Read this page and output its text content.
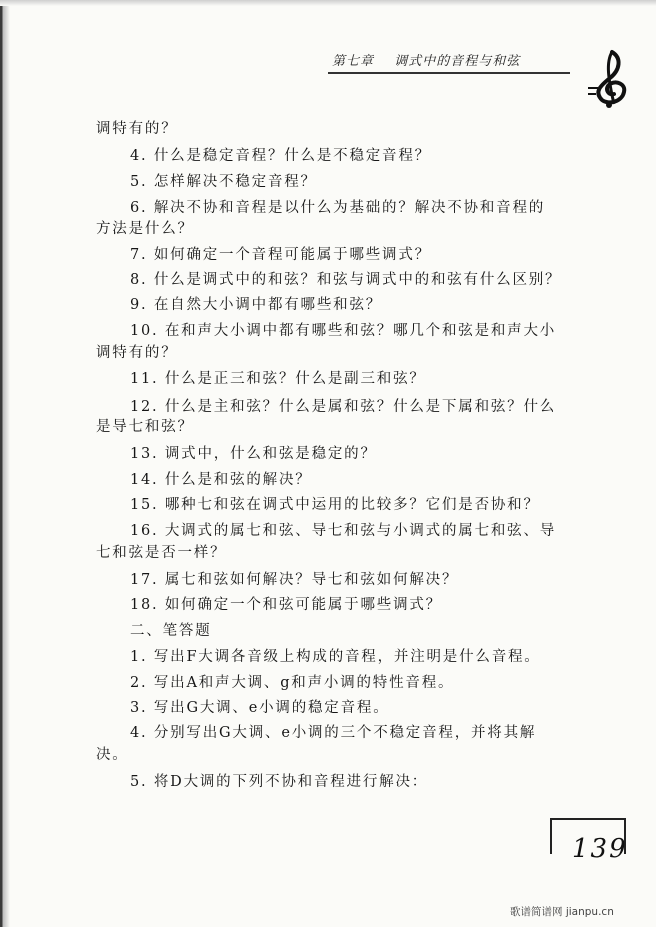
第七章 调式中的音程与和弦
调特有的？
4. 什么是稳定音程？什么是不稳定音程？
5. 怎样解决不稳定音程？
6. 解决不协和音程是以什么为基础的？解决不协和音程的
方法是什么？
7. 如何确定一个音程可能属于哪些调式？
8. 什么是调式中的和弦？和弦与调式中的和弦有什么区别？
9. 在自然大小调中都有哪些和弦？
10. 在和声大小调中都有哪些和弦？哪几个和弦是和声大小
调特有的？
11. 什么是正三和弦？什么是副三和弦？
12. 什么是主和弦？什么是属和弦？什么是下属和弦？什么
是导七和弦？
13. 调式中，什么和弦是稳定的？
14. 什么是和弦的解决？
15. 哪种七和弦在调式中运用的比较多？它们是否协和？
16. 大调式的属七和弦、导七和弦与小调式的属七和弦、导
七和弦是否一样？
17. 属七和弦如何解决？导七和弦如何解决？
18. 如何确定一个和弦可能属于哪些调式？
二、笔答题
1. 写出F大调各音级上构成的音程，并注明是什么音程。
2. 写出A和声大调、g和声小调的特性音程。
3. 写出G大调、e小调的稳定音程。
4. 分别写出G大调、e小调的三个不稳定音程，并将其解
决。
5. 将D大调的下列不协和音程进行解决：
139
歌谱简谱网 jianpu.cn
